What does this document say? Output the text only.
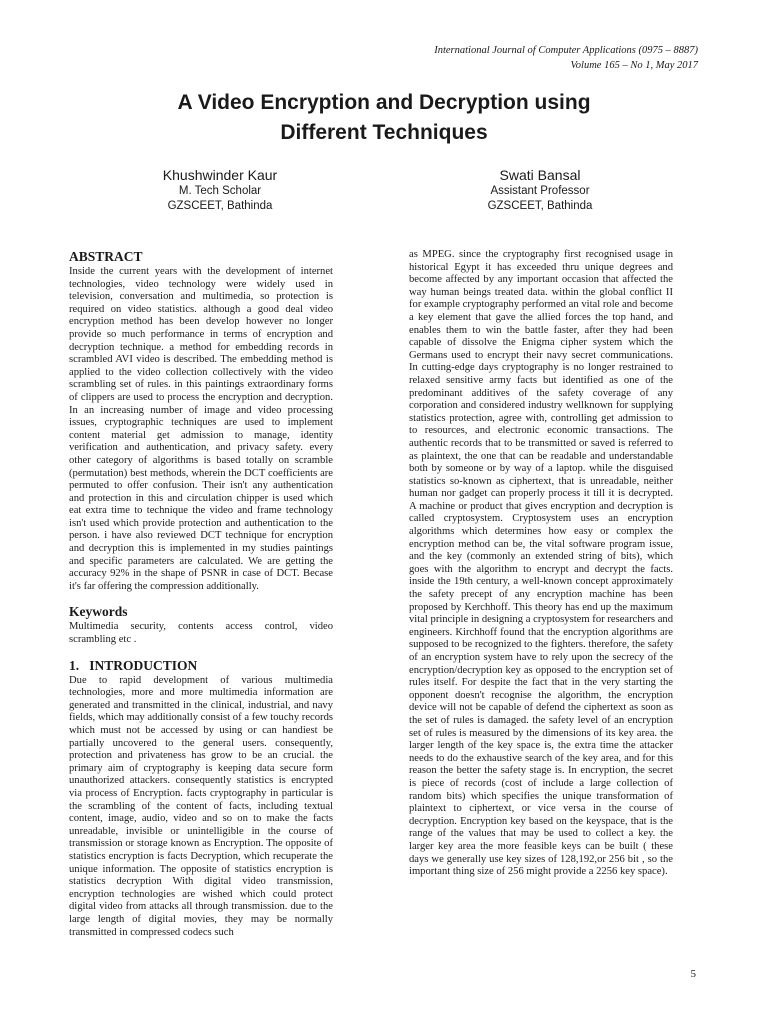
International Journal of Computer Applications (0975 – 8887)
Volume 165 – No 1, May 2017
A Video Encryption and Decryption using
Different Techniques
Khushwinder Kaur
M. Tech Scholar
GZSCEET, Bathinda
Swati Bansal
Assistant Professor
GZSCEET, Bathinda
ABSTRACT

Inside the current years with the development of internet technologies, video technology were widely used in television, conversation and multimedia, so protection is required on video statistics. although a good deal video encryption method has been develop however no longer provide so much performance in terms of encryption and decryption technique. a method for embedding records in scrambled AVI video is described. The embedding method is applied to the video collection collectively with the video scrambling set of rules. in this paintings extraordinary forms of clippers are used to process the encryption and decryption. In an increasing number of image and video processing issues, cryptographic techniques are used to implement content material get admission to manage, identity verification and authentication, and privacy safety. every other category of algorithms is based totally on scramble (permutation) best methods, wherein the DCT coefficients are permuted to offer confusion. Their isn't any authentication and protection in this and circulation chipper is used which eat extra time to technique the video and frame technology isn't used which provide protection and authentication to the person. i have also reviewed DCT technique for encryption and decryption this is implemented in my studies paintings and specific parameters are calculated. We are getting the accuracy 92% in the shape of PSNR in case of DCT. Becase it's far offering the compression additionally.

Keywords

Multimedia security, contents access control, video scrambling etc .

1.   INTRODUCTION

Due to rapid development of various multimedia technologies, more and more multimedia information are generated and transmitted in the clinical, industrial, and navy fields, which may additionally consist of a few touchy records which must not be accessed by using or can handiest be partially uncovered to the general users. consequently, protection and privateness has grow to be an crucial. the primary aim of cryptography is keeping data secure form unauthorized attackers. consequently statistics is encrypted via process of Encryption. facts cryptography in particular is the scrambling of the content of facts, including textual content, image, audio, video and so on to make the facts unreadable, invisible or unintelligible in the course of transmission or storage known as Encryption. The opposite of statistics encryption is facts Decryption, which recuperate the unique information. The opposite of statistics encryption is statistics decryption With digital video transmission, encryption technologies are wished which could protect digital video from attacks all through transmission. due to the large length of digital movies, they may be normally transmitted in compressed codecs such

as MPEG. since the cryptography first recognised usage in historical Egypt it has exceeded thru unique degrees and become affected by any important occasion that affected the way human beings treated data. within the global conflict II for example cryptography performed an vital role and become a key element that gave the allied forces the top hand, and enables them to win the battle faster, after they had been capable of dissolve the Enigma cipher system which the Germans used to encrypt their navy secret communications. In cutting-edge days cryptography is no longer restrained to relaxed sensitive army facts but identified as one of the predominant additives of the safety coverage of any corporation and considered industry wellknown for supplying statistics protection, agree with, controlling get admission to to resources, and electronic economic transactions. The authentic records that to be transmitted or saved is referred to as plaintext, the one that can be readable and understandable both by someone or by way of a laptop. while the disguised statistics so-known as ciphertext, that is unreadable, neither human nor gadget can properly process it till it is decrypted. A machine or product that gives encryption and decryption is called cryptosystem. Cryptosystem uses an encryption algorithms which determines how easy or complex the encryption method can be, the vital software program issue, and the key (commonly an extended string of bits), which goes with the algorithm to encrypt and decrypt the facts. inside the 19th century, a well-known concept approximately the safety precept of any encryption machine has been proposed by Kerchhoff. This theory has end up the maximum vital principle in designing a cryptosystem for researchers and engineers. Kirchhoff found that the encryption algorithms are supposed to be recognized to the fighters. therefore, the safety of an encryption system have to rely upon the secrecy of the encryption/decryption key as opposed to the encryption set of rules itself. For despite the fact that in the very starting the opponent doesn't recognise the algorithm, the encryption device will not be capable of defend the ciphertext as soon as the set of rules is damaged. the safety level of an encryption set of rules is measured by the dimensions of its key area. the larger length of the key space is, the extra time the attacker needs to do the exhaustive search of the key area, and for this reason the better the safety stage is. In encryption, the secret is piece of records (cost of include a large collection of random bits) which specifies the unique transformation of plaintext to ciphertext, or vice versa in the course of decryption. Encryption key based on the keyspace, that is the range of the values that may be used to collect a key. the larger key area the more feasible keys can be built ( these days we generally use key sizes of 128,192,or 256 bit , so the important thing size of 256 might provide a 2256 key space).

5
